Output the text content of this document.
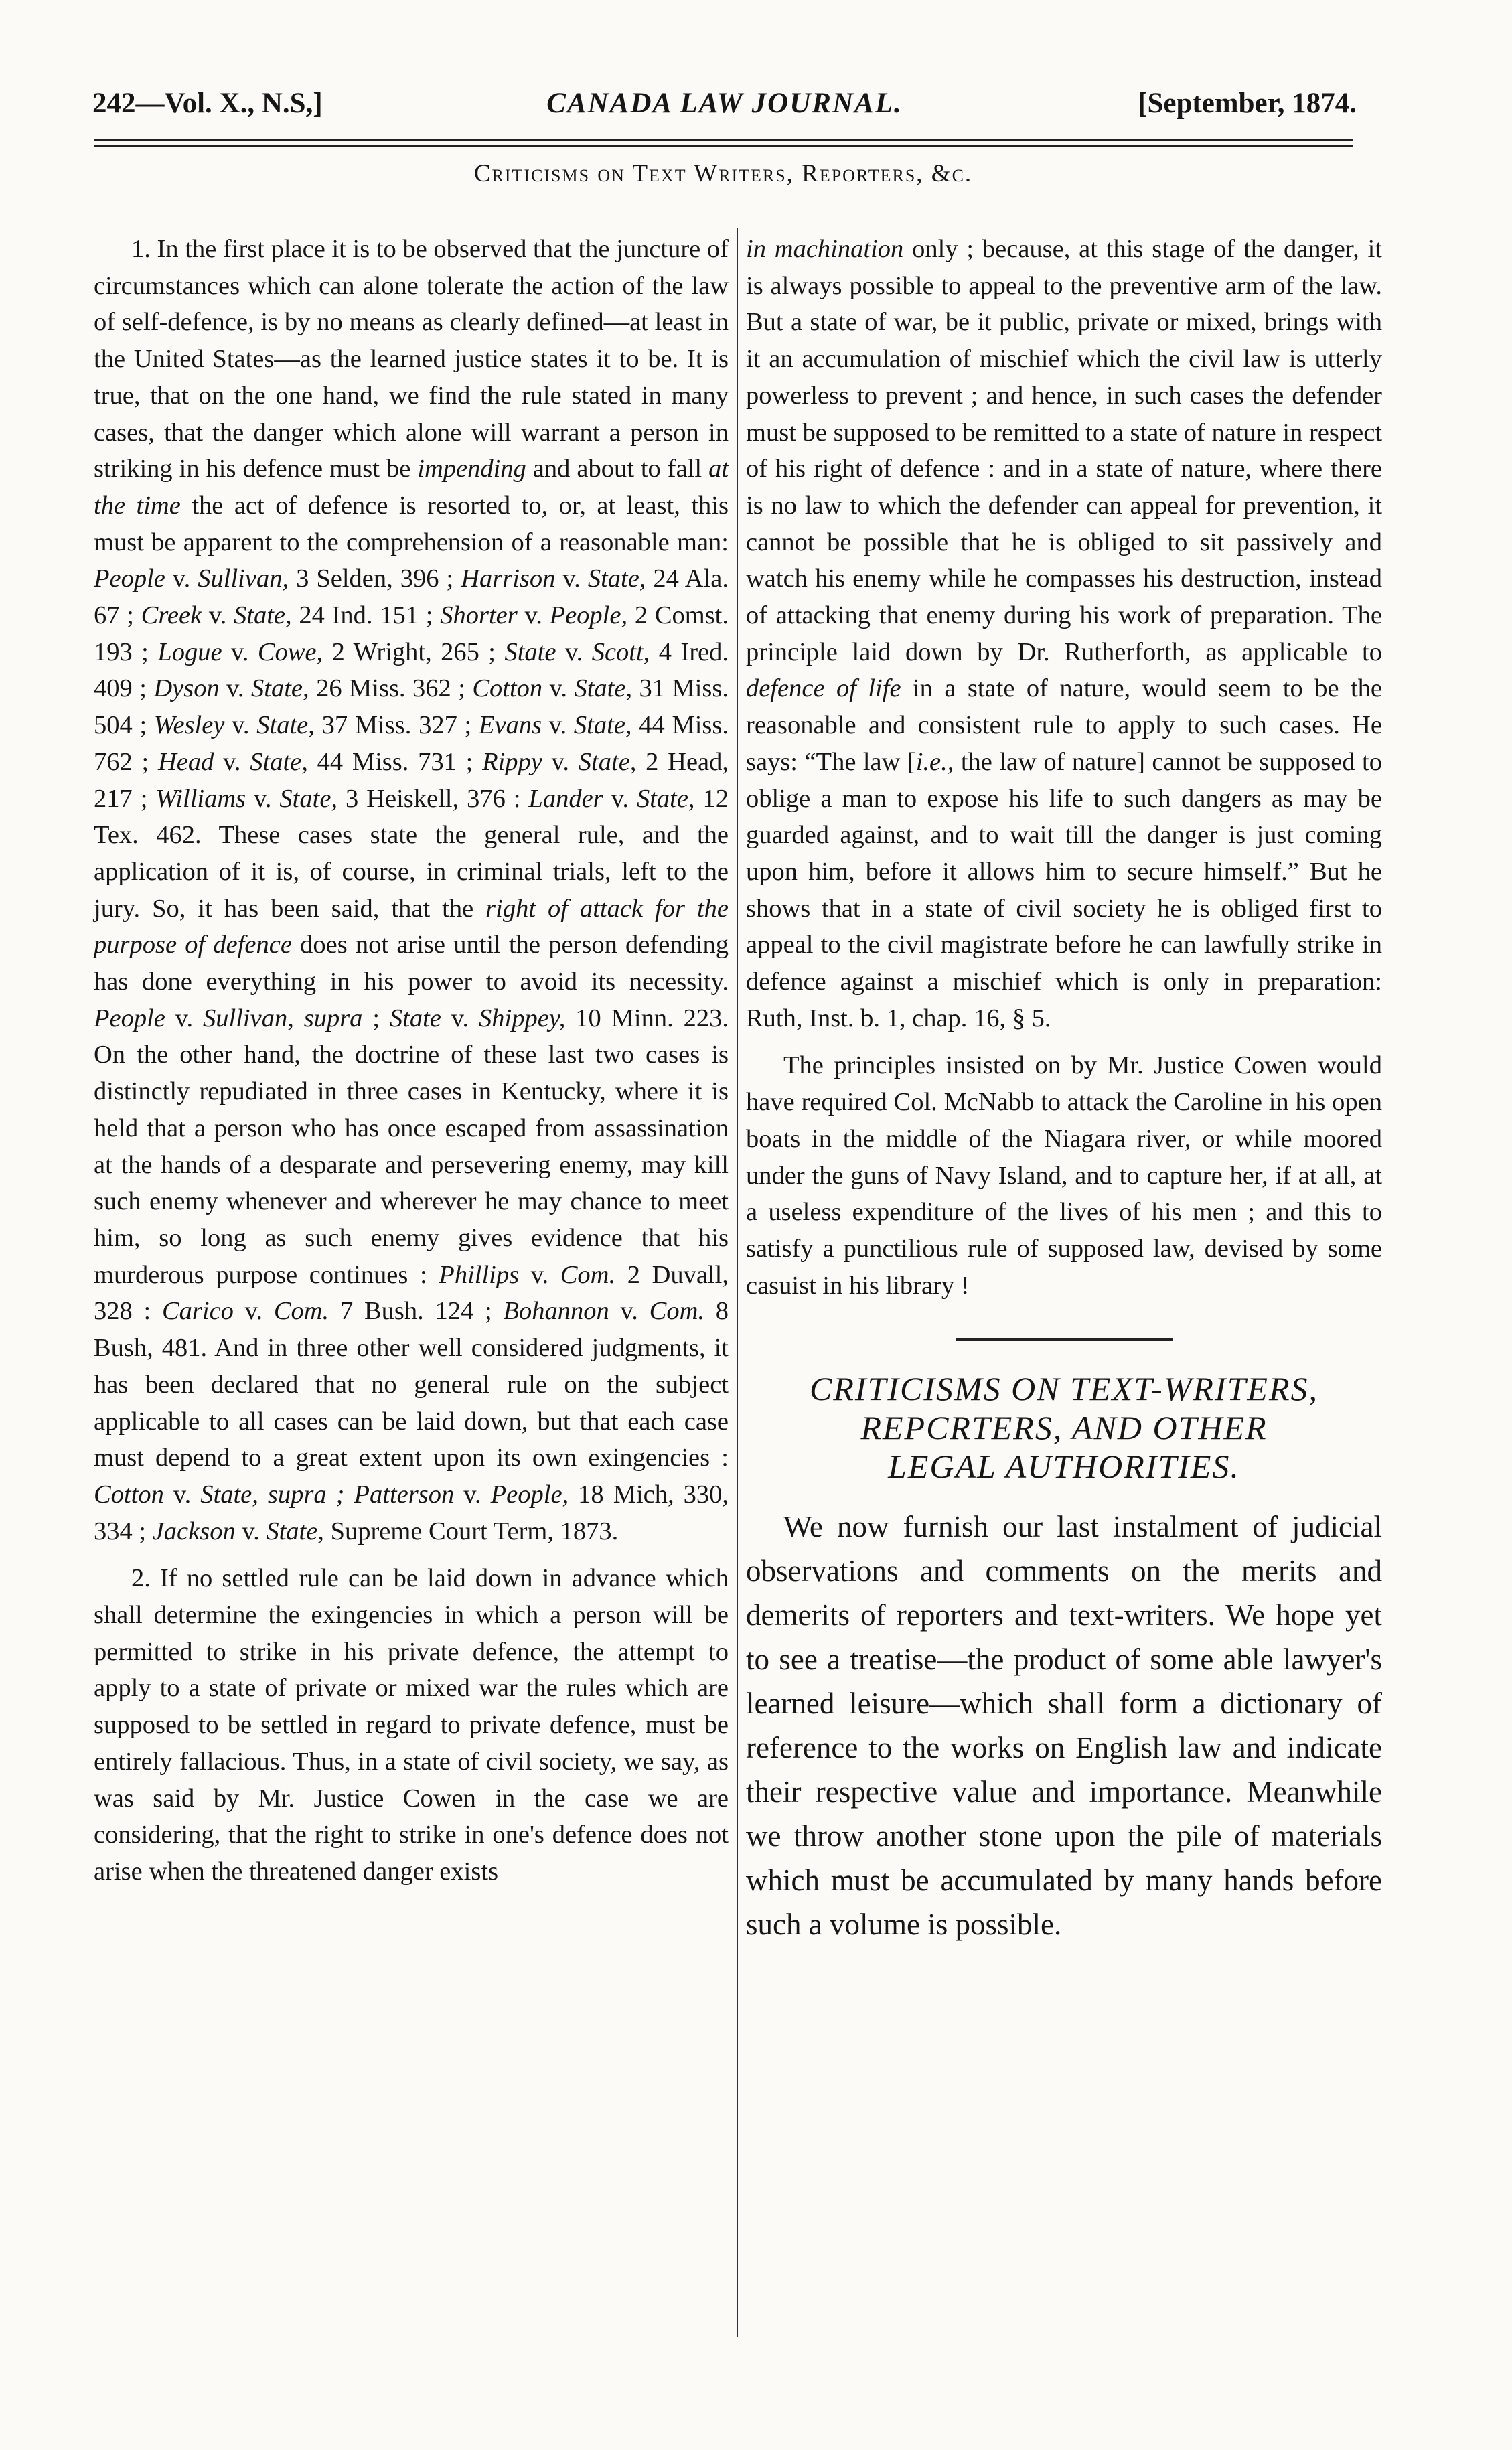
242—Vol. X., N.S,]	CANADA LAW JOURNAL.	[September, 1874.
Criticisms on Text Writers, Reporters, &c.

1. In the first place it is to be observed that the juncture of circumstances which can alone tolerate the action of the law of self-defence, is by no means as clearly defined—at least in the United States—as the learned justice states it to be. It is true, that on the one hand, we find the rule stated in many cases, that the danger which alone will warrant a person in striking in his defence must be impending and about to fall at the time the act of defence is resorted to, or, at least, this must be apparent to the comprehension of a reasonable man: People v. Sullivan, 3 Selden, 396 ; Harrison v. State, 24 Ala. 67 ; Creek v. State, 24 Ind. 151 ; Shorter v. People, 2 Comst. 193 ; Logue v. Cowe, 2 Wright, 265 ; State v. Scott, 4 Ired. 409 ; Dyson v. State, 26 Miss. 362 ; Cotton v. State, 31 Miss. 504 ; Wesley v. State, 37 Miss. 327 ; Evans v. State, 44 Miss. 762 ; Head v. State, 44 Miss. 731 ; Rippy v. State, 2 Head, 217 ; Williams v. State, 3 Heiskell, 376 : Lander v. State, 12 Tex. 462. These cases state the general rule, and the application of it is, of course, in criminal trials, left to the jury. So, it has been said, that the right of attack for the purpose of defence does not arise until the person defending has done everything in his power to avoid its necessity. People v. Sullivan, supra ; State v. Shippey, 10 Minn. 223. On the other hand, the doctrine of these last two cases is distinctly repudiated in three cases in Kentucky, where it is held that a person who has once escaped from assassination at the hands of a desparate and persevering enemy, may kill such enemy whenever and wherever he may chance to meet him, so long as such enemy gives evidence that his murderous purpose continues : Phillips v. Com. 2 Duvall, 328 : Carico v. Com. 7 Bush. 124 ; Bohannon v. Com. 8 Bush, 481. And in three other well considered judgments, it has been declared that no general rule on the subject applicable to all cases can be laid down, but that each case must depend to a great extent upon its own exingencies : Cotton v. State, supra ; Patterson v. People, 18 Mich, 330, 334 ; Jackson v. State, Supreme Court Term, 1873.

2. If no settled rule can be laid down in advance which shall determine the exingencies in which a person will be permitted to strike in his private defence, the attempt to apply to a state of private or mixed war the rules which are supposed to be settled in regard to private defence, must be entirely fallacious. Thus, in a state of civil society, we say, as was said by Mr. Justice Cowen in the case we are considering, that the right to strike in one's defence does not arise when the threatened danger exists

in machination only ; because, at this stage of the danger, it is always possible to appeal to the preventive arm of the law. But a state of war, be it public, private or mixed, brings with it an accumulation of mischief which the civil law is utterly powerless to prevent ; and hence, in such cases the defender must be supposed to be remitted to a state of nature in respect of his right of defence : and in a state of nature, where there is no law to which the defender can appeal for prevention, it cannot be possible that he is obliged to sit passively and watch his enemy while he compasses his destruction, instead of attacking that enemy during his work of preparation. The principle laid down by Dr. Rutherforth, as applicable to defence of life in a state of nature, would seem to be the reasonable and consistent rule to apply to such cases. He says: “The law [i.e., the law of nature] cannot be supposed to oblige a man to expose his life to such dangers as may be guarded against, and to wait till the danger is just coming upon him, before it allows him to secure himself.” But he shows that in a state of civil society he is obliged first to appeal to the civil magistrate before he can lawfully strike in defence against a mischief which is only in preparation: Ruth, Inst. b. 1, chap. 16, § 5.

The principles insisted on by Mr. Justice Cowen would have required Col. McNabb to attack the Caroline in his open boats in the middle of the Niagara river, or while moored under the guns of Navy Island, and to capture her, if at all, at a useless expenditure of the lives of his men ; and this to satisfy a punctilious rule of supposed law, devised by some casuist in his library !

CRITICISMS ON TEXT-WRITERS,
REPCRTERS, AND OTHER
LEGAL AUTHORITIES.

We now furnish our last instalment of judicial observations and comments on the merits and demerits of reporters and text-writers. We hope yet to see a treatise—the product of some able lawyer's learned leisure—which shall form a dictionary of reference to the works on English law and indicate their respective value and importance. Meanwhile we throw another stone upon the pile of materials which must be accumulated by many hands before such a volume is possible.
